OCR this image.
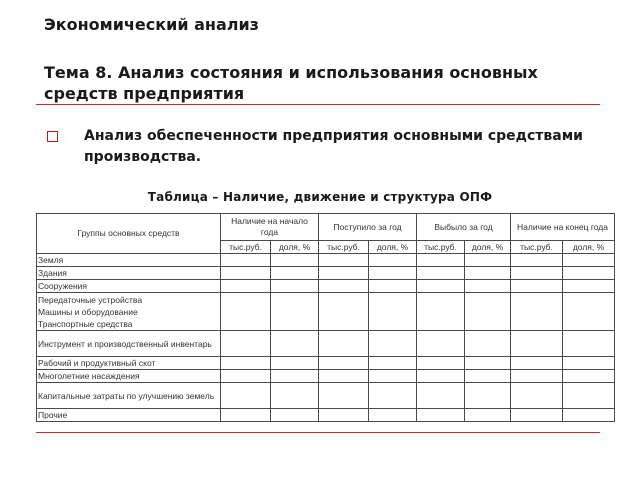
Экономический анализ

Тема 8. Анализ состояния и использования основных средств предприятия

Анализ обеспеченности предприятия основными средствами производства.
Таблица – Наличие, движение и структура ОПФ
Группы основных средств	Наличие на начало года		Поступило за год		Выбыло за год		Наличие на конец года	
	тыс.руб.	доля, %	тыс.руб.	доля, %	тыс.руб.	доля, %	тыс.руб.	доля, %

Земля								

Здания								

Сооружения								

Передаточные устройства
Машины и оборудование
Транспортные средства								

Инструмент и производственный инвентарь								

Рабочий и продуктивный скот								

Многолетние насаждения								

Капитальные затраты по улучшению земель								

Прочие								
